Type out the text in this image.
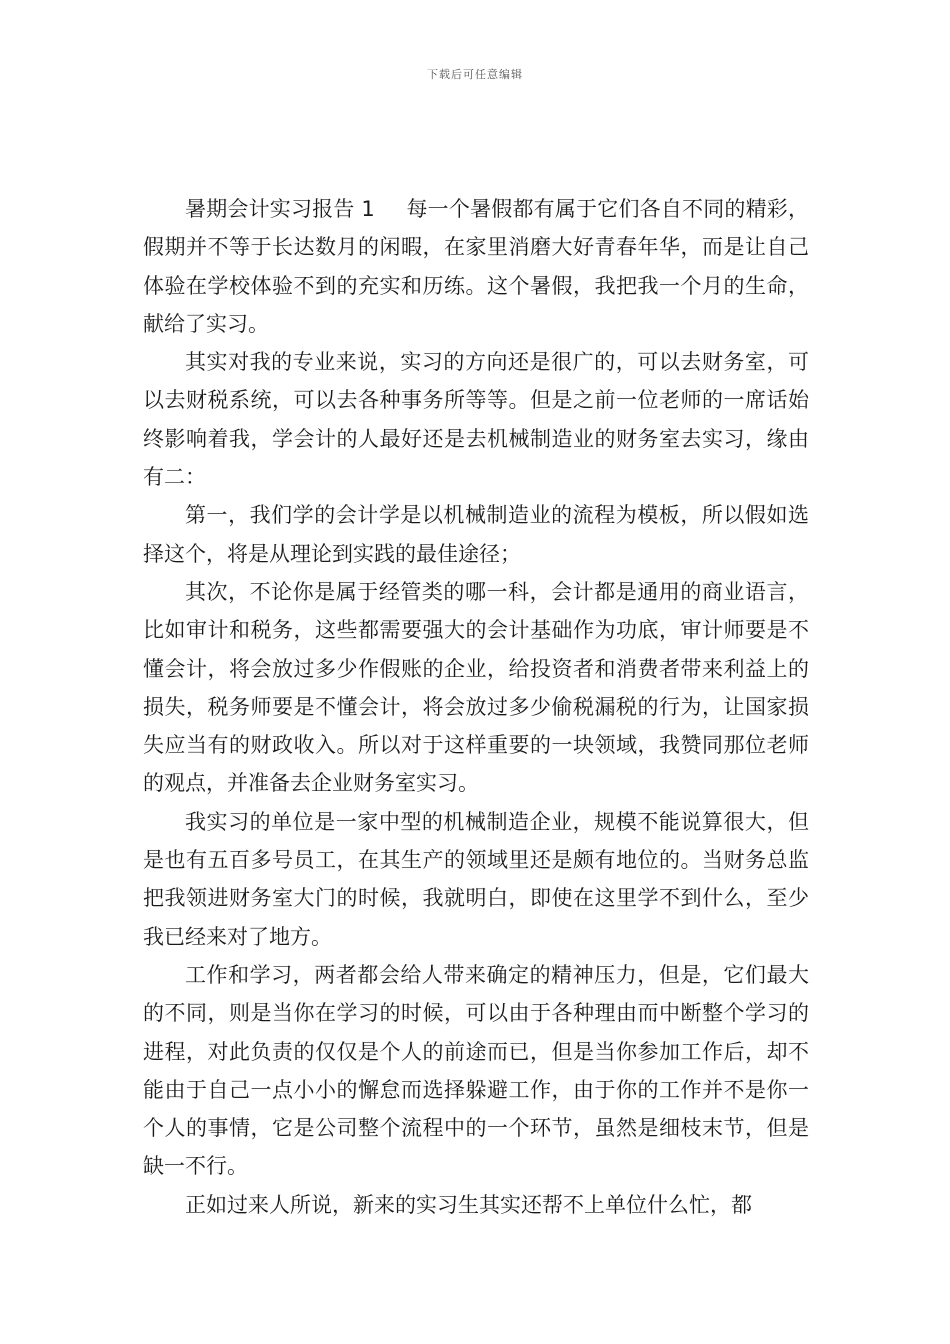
下载后可任意编辑

暑期会计实习报告 1 每一个暑假都有属于它们各自不同的精彩，假期并不等于长达数月的闲暇，在家里消磨大好青春年华，而是让自己体验在学校体验不到的充实和历练。这个暑假，我把我一个月的生命，献给了实习。

其实对我的专业来说，实习的方向还是很广的，可以去财务室，可以去财税系统，可以去各种事务所等等。但是之前一位老师的一席话始终影响着我，学会计的人最好还是去机械制造业的财务室去实习，缘由有二：

第一，我们学的会计学是以机械制造业的流程为模板，所以假如选择这个，将是从理论到实践的最佳途径；

其次，不论你是属于经管类的哪一科，会计都是通用的商业语言，比如审计和税务，这些都需要强大的会计基础作为功底，审计师要是不懂会计，将会放过多少作假账的企业，给投资者和消费者带来利益上的损失，税务师要是不懂会计，将会放过多少偷税漏税的行为，让国家损失应当有的财政收入。所以对于这样重要的一块领域，我赞同那位老师的观点，并准备去企业财务室实习。

我实习的单位是一家中型的机械制造企业，规模不能说算很大，但是也有五百多号员工，在其生产的领域里还是颇有地位的。当财务总监把我领进财务室大门的时候，我就明白，即使在这里学不到什么，至少我已经来对了地方。

工作和学习，两者都会给人带来确定的精神压力，但是，它们最大的不同，则是当你在学习的时候，可以由于各种理由而中断整个学习的进程，对此负责的仅仅是个人的前途而已，但是当你参加工作后，却不能由于自己一点小小的懈怠而选择躲避工作，由于你的工作并不是你一个人的事情，它是公司整个流程中的一个环节，虽然是细枝末节，但是缺一不行。

正如过来人所说，新来的实习生其实还帮不上单位什么忙，都
